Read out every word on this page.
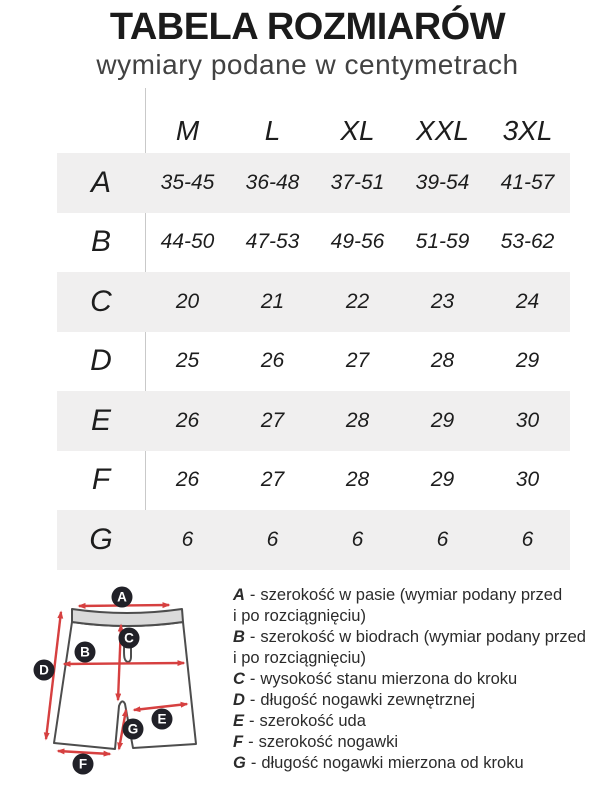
TABELA ROZMIARÓW
wymiary podane w centymetrach
M	L	XL	XXL	3XL
A	35-45	36-48	37-51	39-54	41-57
B	44-50	47-53	49-56	51-59	53-62
C	20	21	22	23	24
D	25	26	27	28	29
E	26	27	28	29	30
F	26	27	28	29	30
G	6	6	6	6	6
A
B
C
D
E
F
G
A - szerokość w pasie (wymiar podany przed
i po rozciągnięciu)
B - szerokość w biodrach (wymiar podany przed
i po rozciągnięciu)
C - wysokość stanu mierzona do kroku
D - długość nogawki zewnętrznej
E - szerokość uda
F - szerokość nogawki
G - długość nogawki mierzona od kroku
